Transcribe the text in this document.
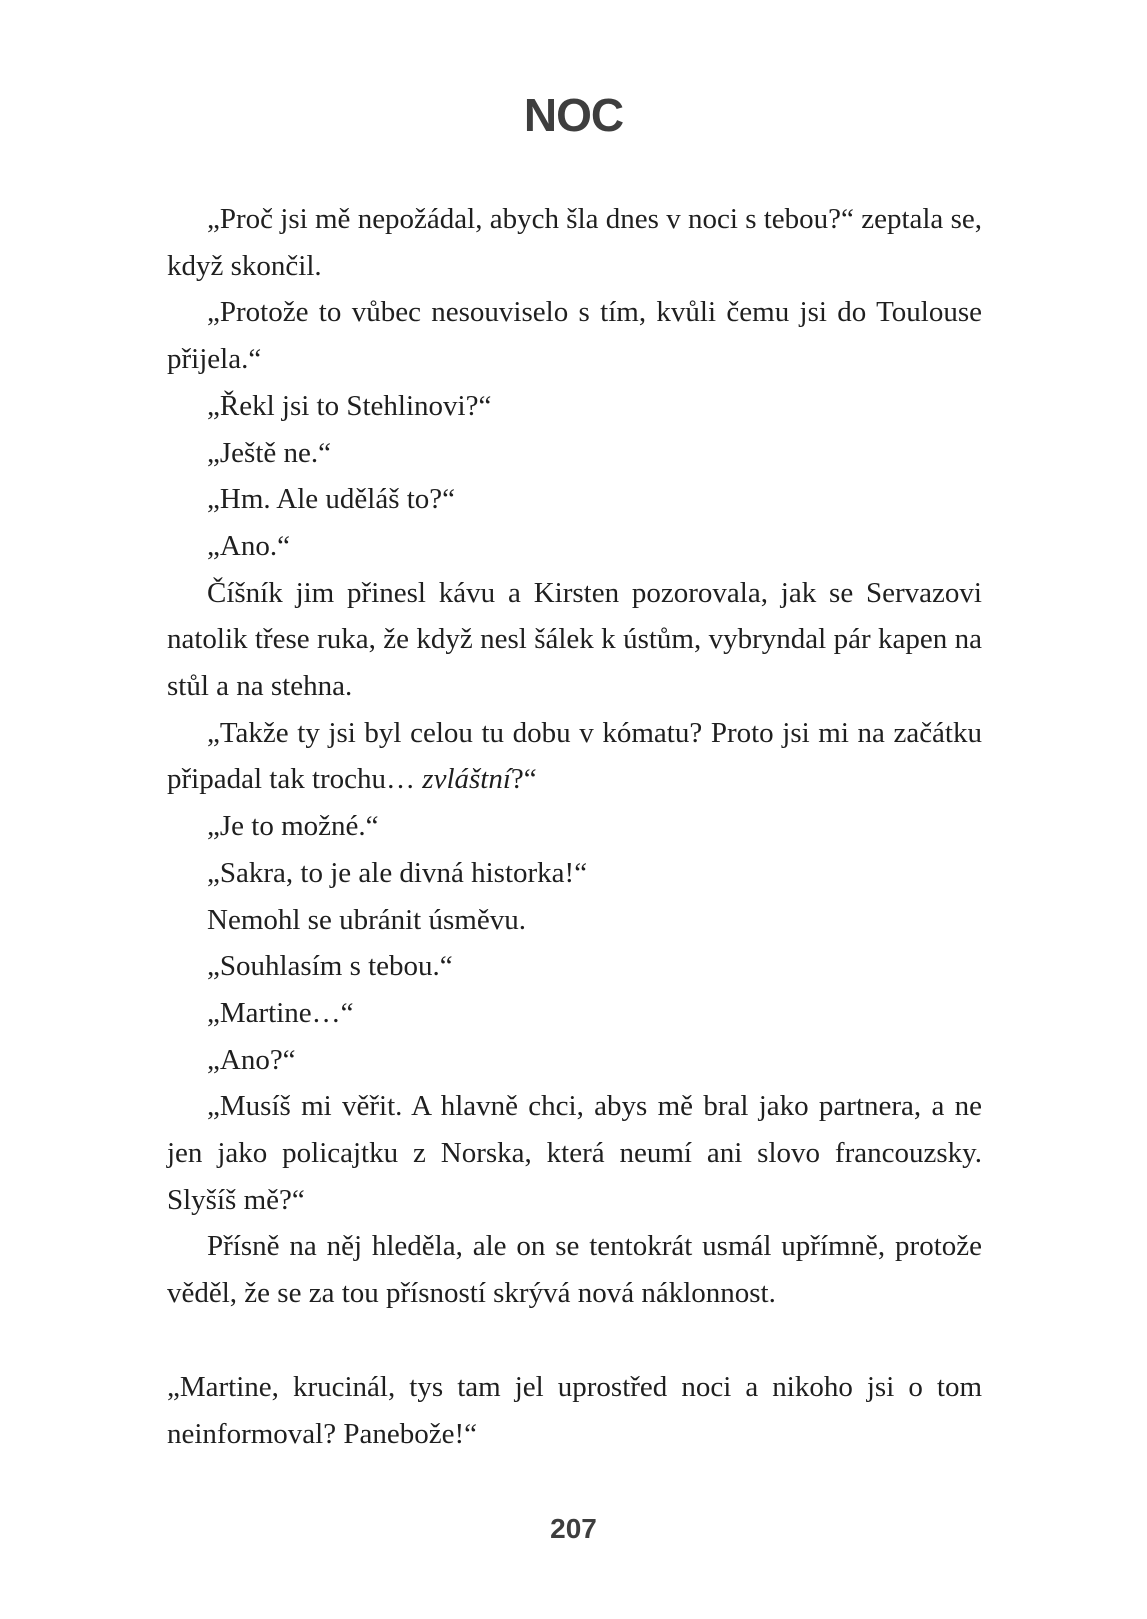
NOC

„Proč jsi mě nepožádal, abych šla dnes v noci s tebou?“ zeptala se, když skončil.

„Protože to vůbec nesouviselo s tím, kvůli čemu jsi do Toulouse přijela.“

„Řekl jsi to Stehlinovi?“

„Ještě ne.“

„Hm. Ale uděláš to?“

„Ano.“

Číšník jim přinesl kávu a Kirsten pozorovala, jak se Servazovi natolik třese ruka, že když nesl šálek k ústům, vybryndal pár kapen na stůl a na stehna.

„Takže ty jsi byl celou tu dobu v kómatu? Proto jsi mi na začátku připadal tak trochu… zvláštní?“

„Je to možné.“

„Sakra, to je ale divná historka!“

Nemohl se ubránit úsměvu.

„Souhlasím s tebou.“

„Martine…“

„Ano?“

„Musíš mi věřit. A hlavně chci, abys mě bral jako partnera, a ne jen jako policajtku z Norska, která neumí ani slovo francouzsky. Slyšíš mě?“

Přísně na něj hleděla, ale on se tentokrát usmál upřímně, protože věděl, že se za tou přísností skrývá nová náklonnost.

„Martine, krucinál, tys tam jel uprostřed noci a nikoho jsi o tom neinformoval? Panebože!“

207
